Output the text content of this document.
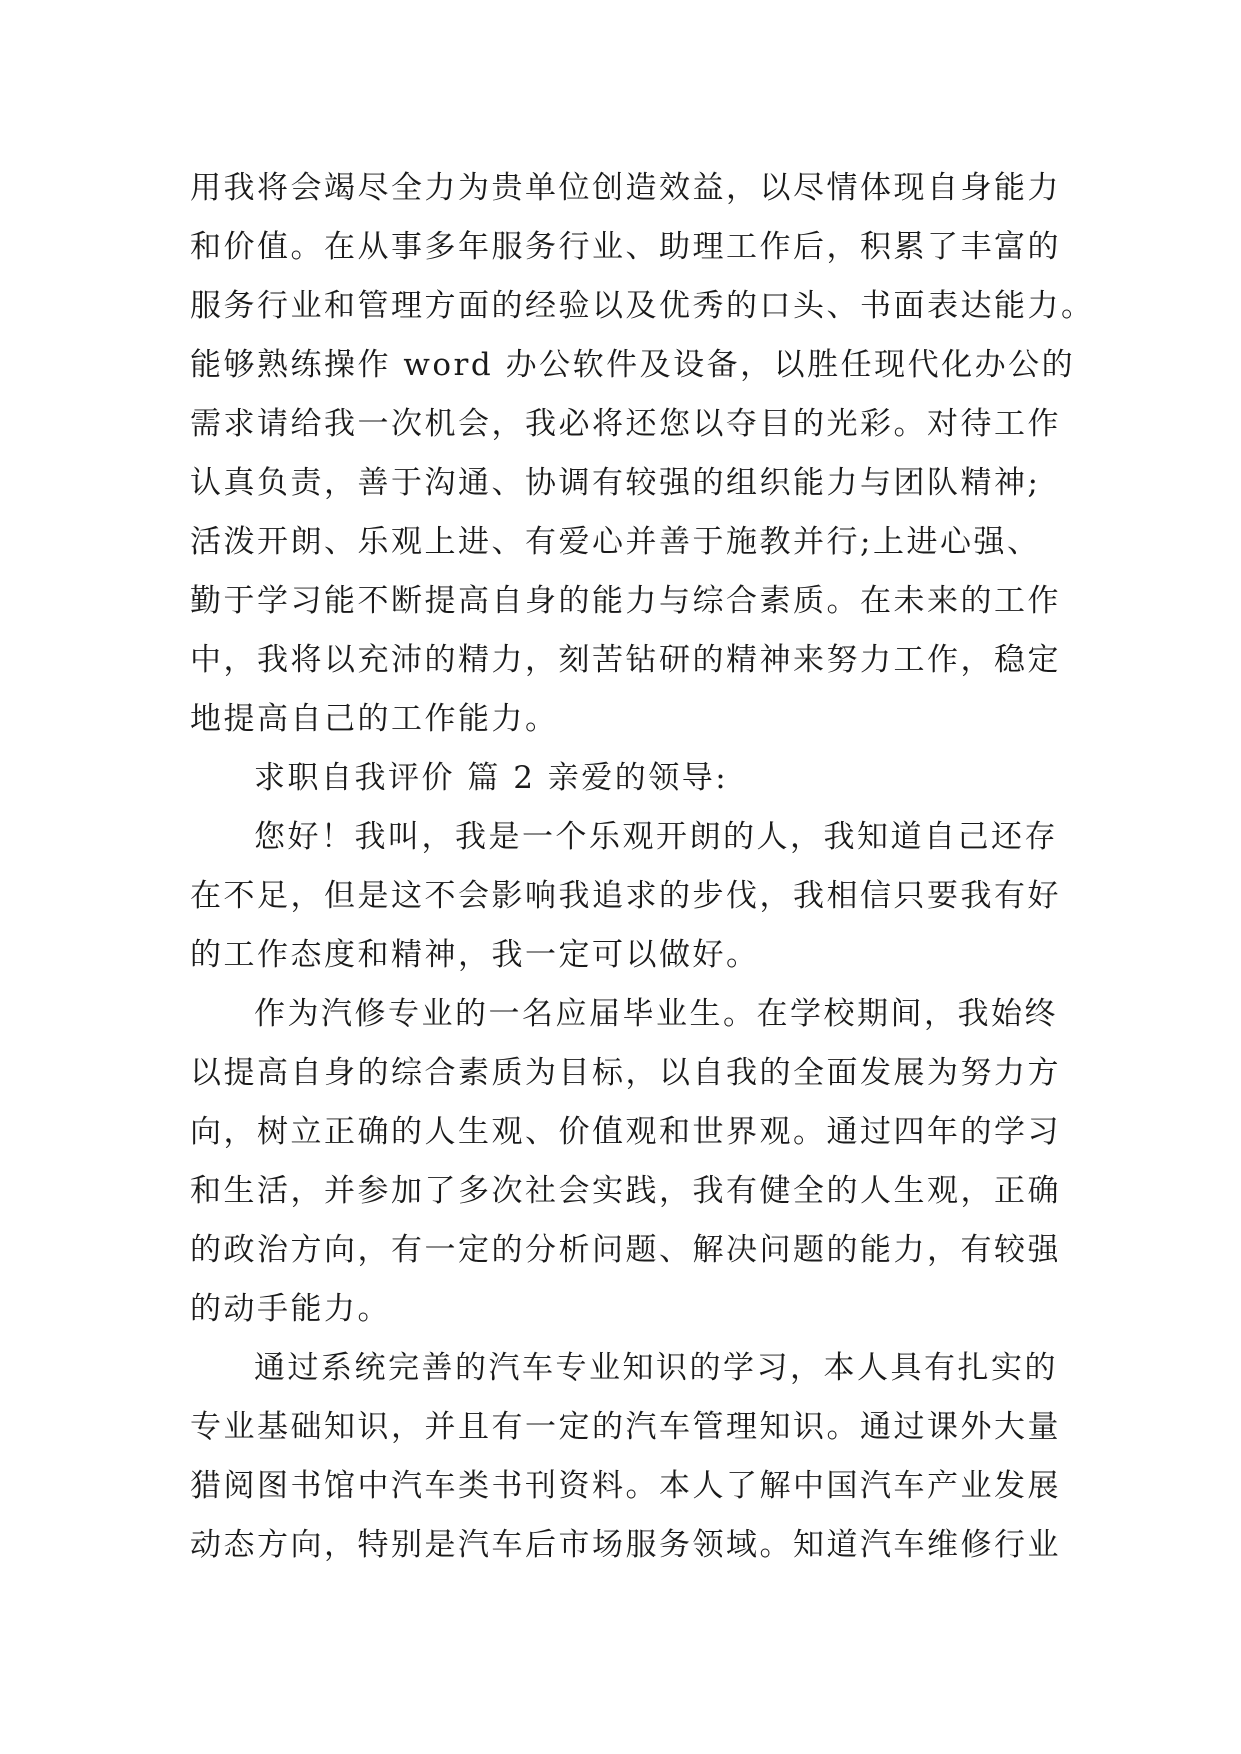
用我将会竭尽全力为贵单位创造效益，以尽情体现自身能力
和价值。在从事多年服务行业、助理工作后，积累了丰富的
服务行业和管理方面的经验以及优秀的口头、书面表达能力。
能够熟练操作 word 办公软件及设备，以胜任现代化办公的
需求请给我一次机会，我必将还您以夺目的光彩。对待工作
认真负责，善于沟通、协调有较强的组织能力与团队精神;
活泼开朗、乐观上进、有爱心并善于施教并行;上进心强、
勤于学习能不断提高自身的能力与综合素质。在未来的工作
中，我将以充沛的精力，刻苦钻研的精神来努力工作，稳定
地提高自己的工作能力。
求职自我评价 篇 2 亲爱的领导:
您好！我叫，我是一个乐观开朗的人，我知道自己还存
在不足，但是这不会影响我追求的步伐，我相信只要我有好
的工作态度和精神，我一定可以做好。
作为汽修专业的一名应届毕业生。在学校期间，我始终
以提高自身的综合素质为目标，以自我的全面发展为努力方
向，树立正确的人生观、价值观和世界观。通过四年的学习
和生活，并参加了多次社会实践，我有健全的人生观，正确
的政治方向，有一定的分析问题、解决问题的能力，有较强
的动手能力。
通过系统完善的汽车专业知识的学习，本人具有扎实的
专业基础知识，并且有一定的汽车管理知识。通过课外大量
猎阅图书馆中汽车类书刊资料。本人了解中国汽车产业发展
动态方向，特别是汽车后市场服务领域。知道汽车维修行业
